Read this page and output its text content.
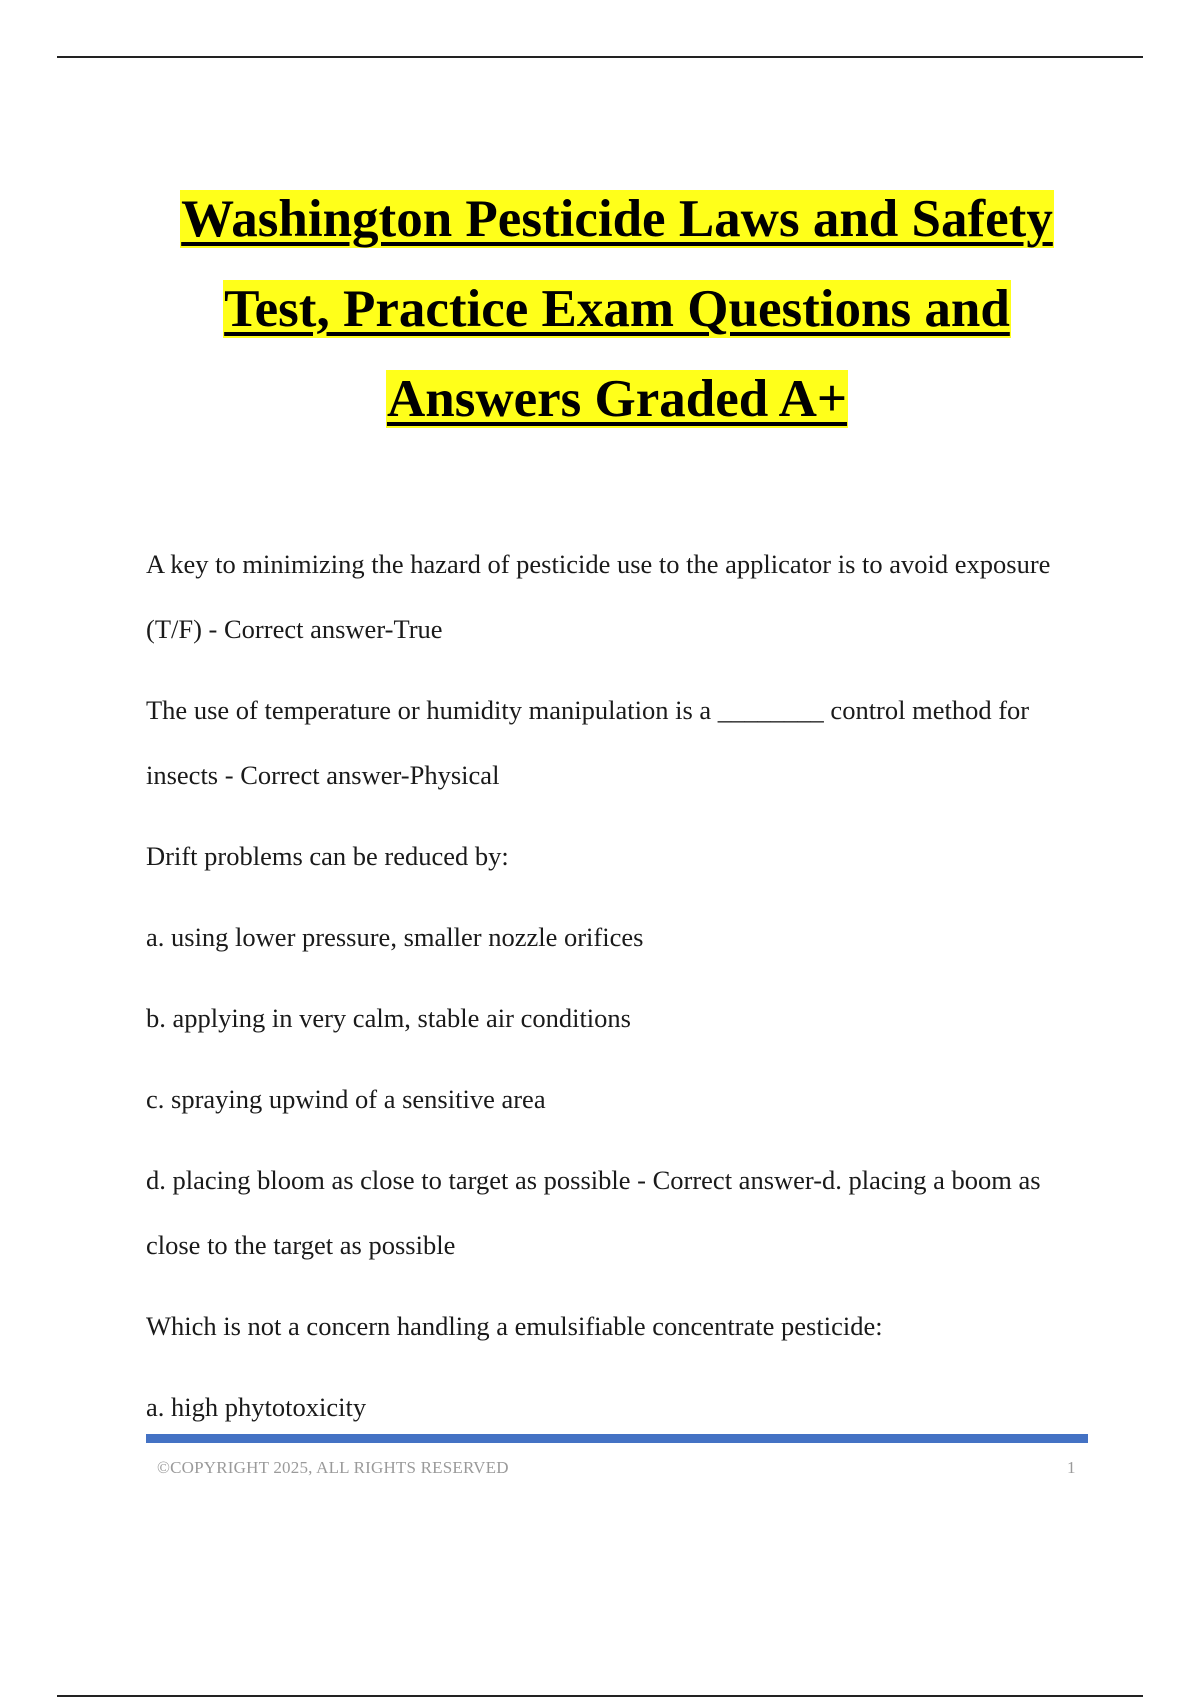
Washington Pesticide Laws and Safety
Test, Practice Exam Questions and
Answers Graded A+

A key to minimizing the hazard of pesticide use to the applicator is to avoid exposure (T/F) - Correct answer-True

The use of temperature or humidity manipulation is a ________ control method for insects - Correct answer-Physical

Drift problems can be reduced by:

a. using lower pressure, smaller nozzle orifices

b. applying in very calm, stable air conditions

c. spraying upwind of a sensitive area

d. placing bloom as close to target as possible - Correct answer-d. placing a boom as close to the target as possible

Which is not a concern handling a emulsifiable concentrate pesticide:

a. high phytotoxicity

©COPYRIGHT 2025, ALL RIGHTS RESERVED	1
